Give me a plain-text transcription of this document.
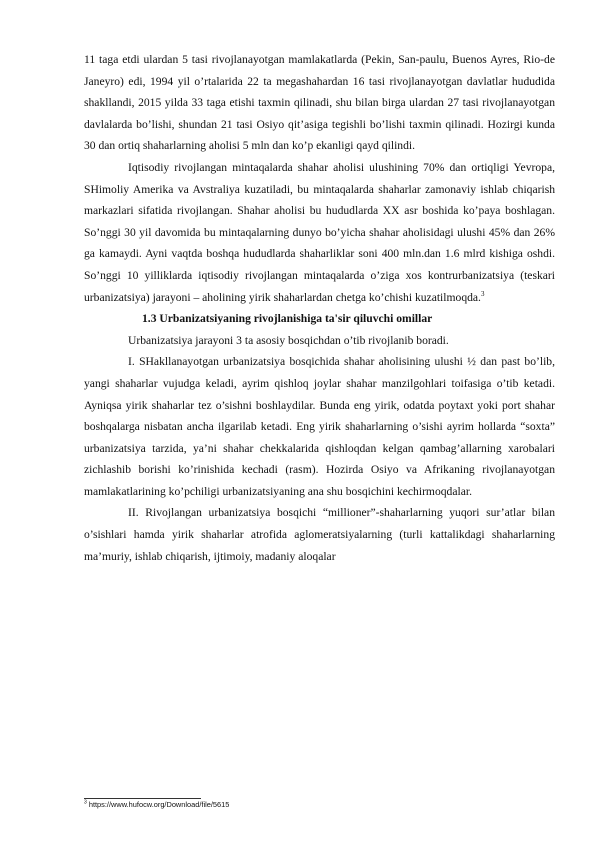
11 taga etdi ulardan 5 tasi rivojlanayotgan mamlakatlarda (Pekin, San-paulu, Buenos Ayres, Rio-de Janeyro) edi, 1994 yil o’rtalarida 22 ta megashahardan 16 tasi rivojlanayotgan davlatlar hududida shakllandi, 2015 yilda 33 taga etishi taxmin qilinadi, shu bilan birga ulardan 27 tasi rivojlanayotgan davlalarda bo’lishi, shundan 21 tasi Osiyo qit’asiga tegishli bo’lishi taxmin qilinadi. Hozirgi kunda 30 dan ortiq shaharlarning aholisi 5 mln dan ko’p ekanligi qayd qilindi.

Iqtisodiy rivojlangan mintaqalarda shahar aholisi ulushining 70% dan ortiqligi Yevropa, SHimoliy Amerika va Avstraliya kuzatiladi, bu mintaqalarda shaharlar zamonaviy ishlab chiqarish markazlari sifatida rivojlangan. Shahar aholisi bu hududlarda XX asr boshida ko’paya boshlagan. So’nggi 30 yil davomida bu mintaqalarning dunyo bo’yicha shahar aholisidagi ulushi 45% dan 26% ga kamaydi. Ayni vaqtda boshqa hududlarda shaharliklar soni 400 mln.dan 1.6 mlrd kishiga oshdi. So’nggi 10 yilliklarda iqtisodiy rivojlangan mintaqalarda o’ziga xos kontrurbanizatsiya (teskari urbanizatsiya) jarayoni – aholining yirik shaharlardan chetga ko’chishi kuzatilmoqda.$^3$

1.3 Urbanizatsiyaning rivojlanishiga ta'sir qiluvchi omillar

Urbanizatsiya jarayoni 3 ta asosiy bosqichdan o’tib rivojlanib boradi.

I. SHakllanayotgan urbanizatsiya bosqichida shahar aholisining ulushi ½ dan past bo’lib, yangi shaharlar vujudga keladi, ayrim qishloq joylar shahar manzilgohlari toifasiga o’tib ketadi. Ayniqsa yirik shaharlar tez o’sishni boshlaydilar. Bunda eng yirik, odatda poytaxt yoki port shahar boshqalarga nisbatan ancha ilgarilab ketadi. Eng yirik shaharlarning o’sishi ayrim hollarda “soxta” urbanizatsiya tarzida, ya’ni shahar chekkalarida qishloqdan kelgan qambag’allarning xarobalari zichlashib borishi ko’rinishida kechadi (rasm). Hozirda Osiyo va Afrikaning rivojlanayotgan mamlakatlarining ko’pchiligi urbanizatsiyaning ana shu bosqichini kechirmoqdalar.

II. Rivojlangan urbanizatsiya bosqichi “millioner”-shaharlarning yuqori sur’atlar bilan o’sishlari hamda yirik shaharlar atrofida aglomeratsiyalarning (turli kattalikdagi shaharlarning ma’muriy, ishlab chiqarish, ijtimoiy, madaniy aloqalar

$^3$ https://www.hufocw.org/Download/file/5615
